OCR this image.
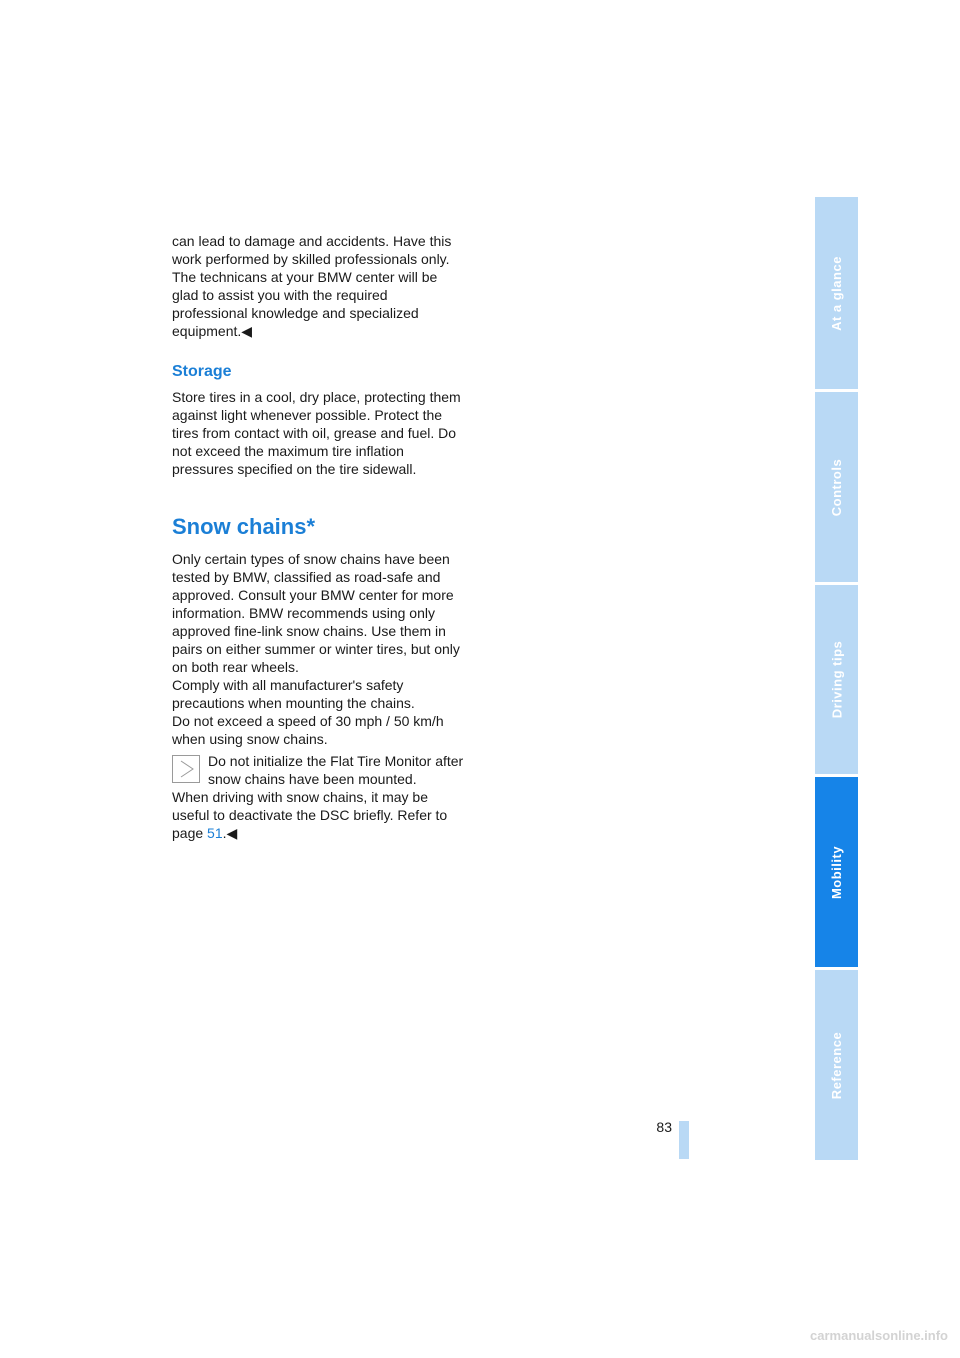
can lead to damage and accidents. Have this work performed by skilled professionals only. The technicans at your BMW center will be glad to assist you with the required professional knowledge and specialized equipment.◀

Storage

Store tires in a cool, dry place, protecting them against light whenever possible. Protect the tires from contact with oil, grease and fuel. Do not exceed the maximum tire inflation pressures specified on the tire sidewall.

Snow chains*

Only certain types of snow chains have been tested by BMW, classified as road-safe and approved. Consult your BMW center for more information. BMW recommends using only approved fine-link snow chains. Use them in pairs on either summer or winter tires, but only on both rear wheels.

Comply with all manufacturer's safety precautions when mounting the chains.

Do not exceed a speed of 30 mph / 50 km/h when using snow chains.

Do not initialize the Flat Tire Monitor after snow chains have been mounted.

When driving with snow chains, it may be useful to deactivate the DSC briefly. Refer to page 51.◀

At a glance
Controls
Driving tips
Mobility
Reference
83
carmanualsonline.info
